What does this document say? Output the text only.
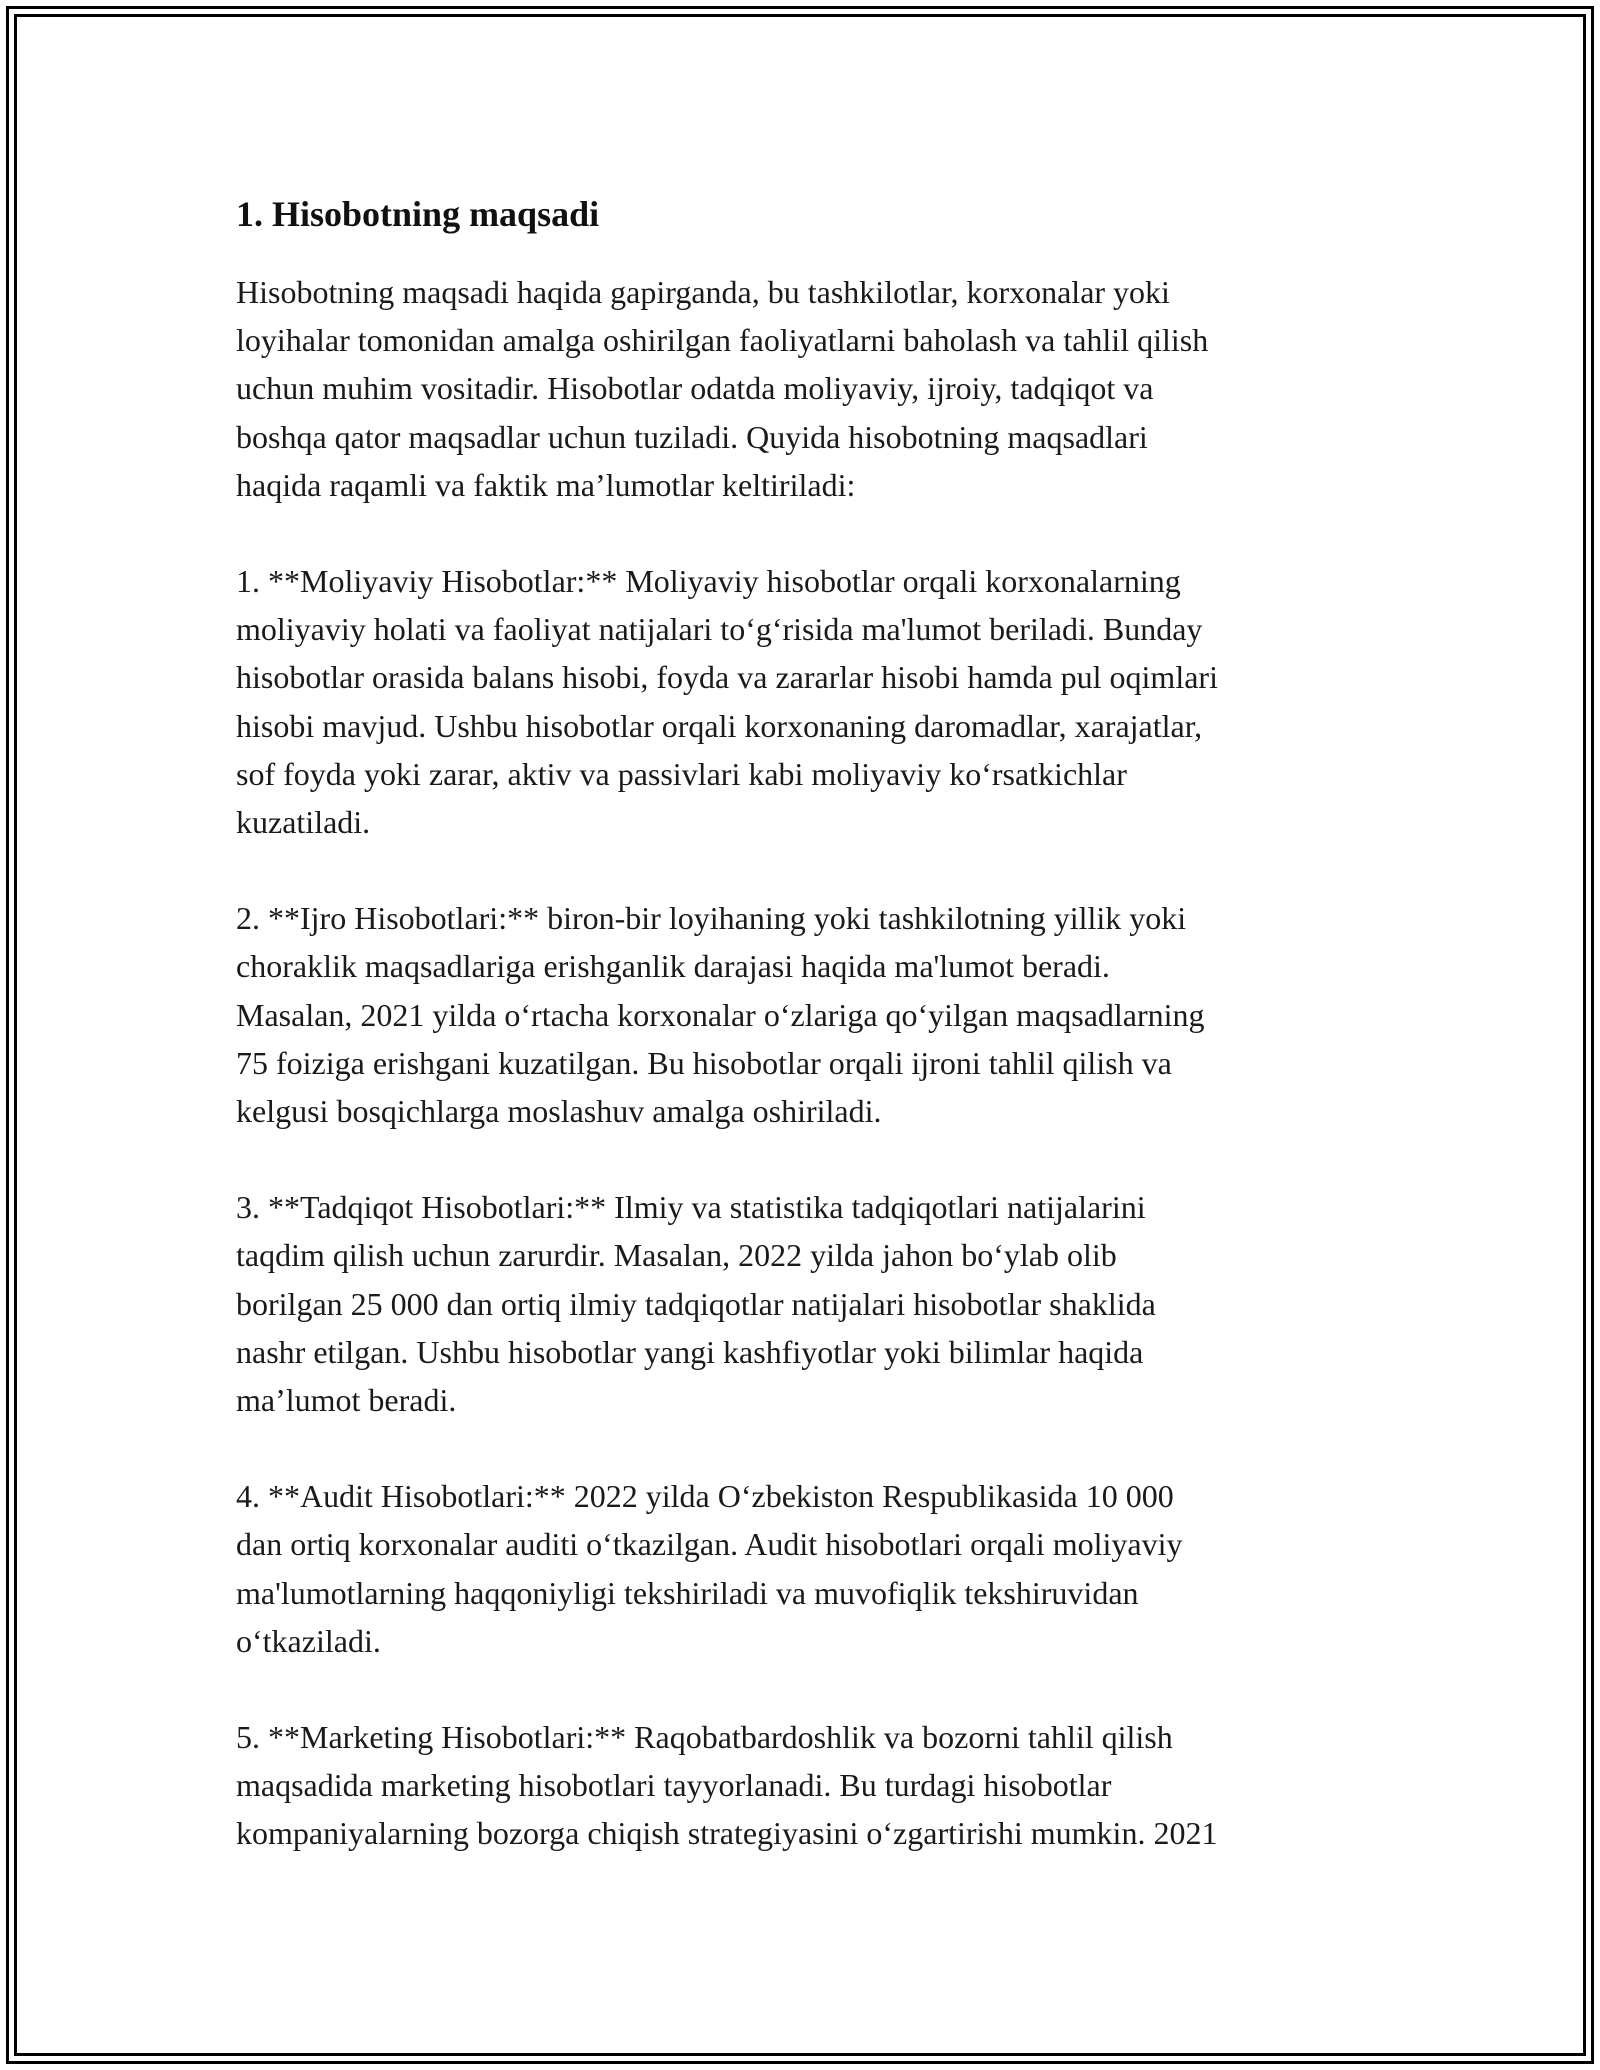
1. Hisobotning maqsadi

Hisobotning maqsadi haqida gapirganda, bu tashkilotlar, korxonalar yoki
loyihalar tomonidan amalga oshirilgan faoliyatlarni baholash va tahlil qilish
uchun muhim vositadir. Hisobotlar odatda moliyaviy, ijroiy, tadqiqot va
boshqa qator maqsadlar uchun tuziladi. Quyida hisobotning maqsadlari
haqida raqamli va faktik ma’lumotlar keltiriladi:

1. **Moliyaviy Hisobotlar:** Moliyaviy hisobotlar orqali korxonalarning
moliyaviy holati va faoliyat natijalari to‘g‘risida ma'lumot beriladi. Bunday
hisobotlar orasida balans hisobi, foyda va zararlar hisobi hamda pul oqimlari
hisobi mavjud. Ushbu hisobotlar orqali korxonaning daromadlar, xarajatlar,
sof foyda yoki zarar, aktiv va passivlari kabi moliyaviy ko‘rsatkichlar
kuzatiladi.

2. **Ijro Hisobotlari:** biron-bir loyihaning yoki tashkilotning yillik yoki
choraklik maqsadlariga erishganlik darajasi haqida ma'lumot beradi.
Masalan, 2021 yilda o‘rtacha korxonalar o‘zlariga qo‘yilgan maqsadlarning
75 foiziga erishgani kuzatilgan. Bu hisobotlar orqali ijroni tahlil qilish va
kelgusi bosqichlarga moslashuv amalga oshiriladi.

3. **Tadqiqot Hisobotlari:** Ilmiy va statistika tadqiqotlari natijalarini
taqdim qilish uchun zarurdir. Masalan, 2022 yilda jahon bo‘ylab olib
borilgan 25 000 dan ortiq ilmiy tadqiqotlar natijalari hisobotlar shaklida
nashr etilgan. Ushbu hisobotlar yangi kashfiyotlar yoki bilimlar haqida
ma’lumot beradi.

4. **Audit Hisobotlari:** 2022 yilda O‘zbekiston Respublikasida 10 000
dan ortiq korxonalar auditi o‘tkazilgan. Audit hisobotlari orqali moliyaviy
ma'lumotlarning haqqoniyligi tekshiriladi va muvofiqlik tekshiruvidan
o‘tkaziladi.

5. **Marketing Hisobotlari:** Raqobatbardoshlik va bozorni tahlil qilish
maqsadida marketing hisobotlari tayyorlanadi. Bu turdagi hisobotlar
kompaniyalarning bozorga chiqish strategiyasini o‘zgartirishi mumkin. 2021
